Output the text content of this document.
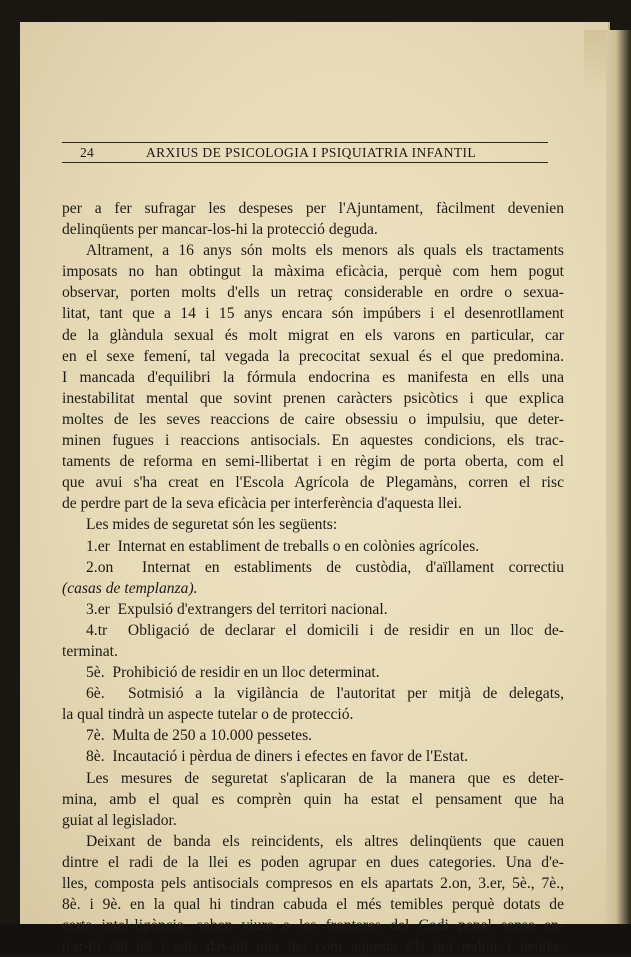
24	ARXIUS DE PSICOLOGIA I PSIQUIATRIA INFANTIL
per a fer sufragar les despeses per l'Ajuntament, fàcilment devenien
delinqüents per mancar-los-hi la protecció deguda.
Altrament, a 16 anys són molts els menors als quals els tractaments
imposats no han obtingut la màxima eficàcia, perquè com hem pogut
observar, porten molts d'ells un retraç considerable en ordre o sexua-
litat, tant que a 14 i 15 anys encara són impúbers i el desenrotllament
de la glàndula sexual és molt migrat en els varons en particular, car
en el sexe femení, tal vegada la precocitat sexual és el que predomina.
I mancada d'equilibri la fórmula endocrina es manifesta en ells una
inestabilitat mental que sovint prenen caràcters psicòtics i que explica
moltes de les seves reaccions de caire obsessiu o impulsiu, que deter-
minen fugues i reaccions antisocials. En aquestes condicions, els trac-
taments de reforma en semi-llibertat i en règim de porta oberta, com el
que avui s'ha creat en l'Escola Agrícola de Plegamàns, corren el risc
de perdre part de la seva eficàcia per interferència d'aquesta llei.
Les mides de seguretat són les següents:
1.er  Internat en establiment de treballs o en colònies agrícoles.
2.on  Internat en establiments de custòdia, d'aïllament correctiu
(casas de templanza).
3.er  Expulsió d'extrangers del territori nacional.
4.tr  Obligació de declarar el domicili i de residir en un lloc de-
terminat.
5è.  Prohibició de residir en un lloc determinat.
6è.  Sotmisió a la vigilància de l'autoritat per mitjà de delegats,
la qual tindrà un aspecte tutelar o de protecció.
7è.  Multa de 250 a 10.000 pessetes.
8è.  Incautació i pèrdua de diners i efectes en favor de l'Estat.
Les mesures de seguretat s'aplicaran de la manera que es deter-
mina, amb el qual es comprèn quin ha estat el pensament que ha
guiat al legislador.
Deixant de banda els reincidents, els altres delinqüents que cauen
dintre el radi de la llei es poden agrupar en dues categories. Una d'e-
lles, composta pels antisocials compresos en els apartats 2.on, 3.er, 5è., 7è.,
8è. i 9è. en la qual hi tindran cabuda el més temibles perquè dotats de
certa intel·ligència, saben viure a les fronteres del Codi penal sense en-
trar-hi del tot i sols davant una llei com aquesta s'ls pot reduir i neutra-
